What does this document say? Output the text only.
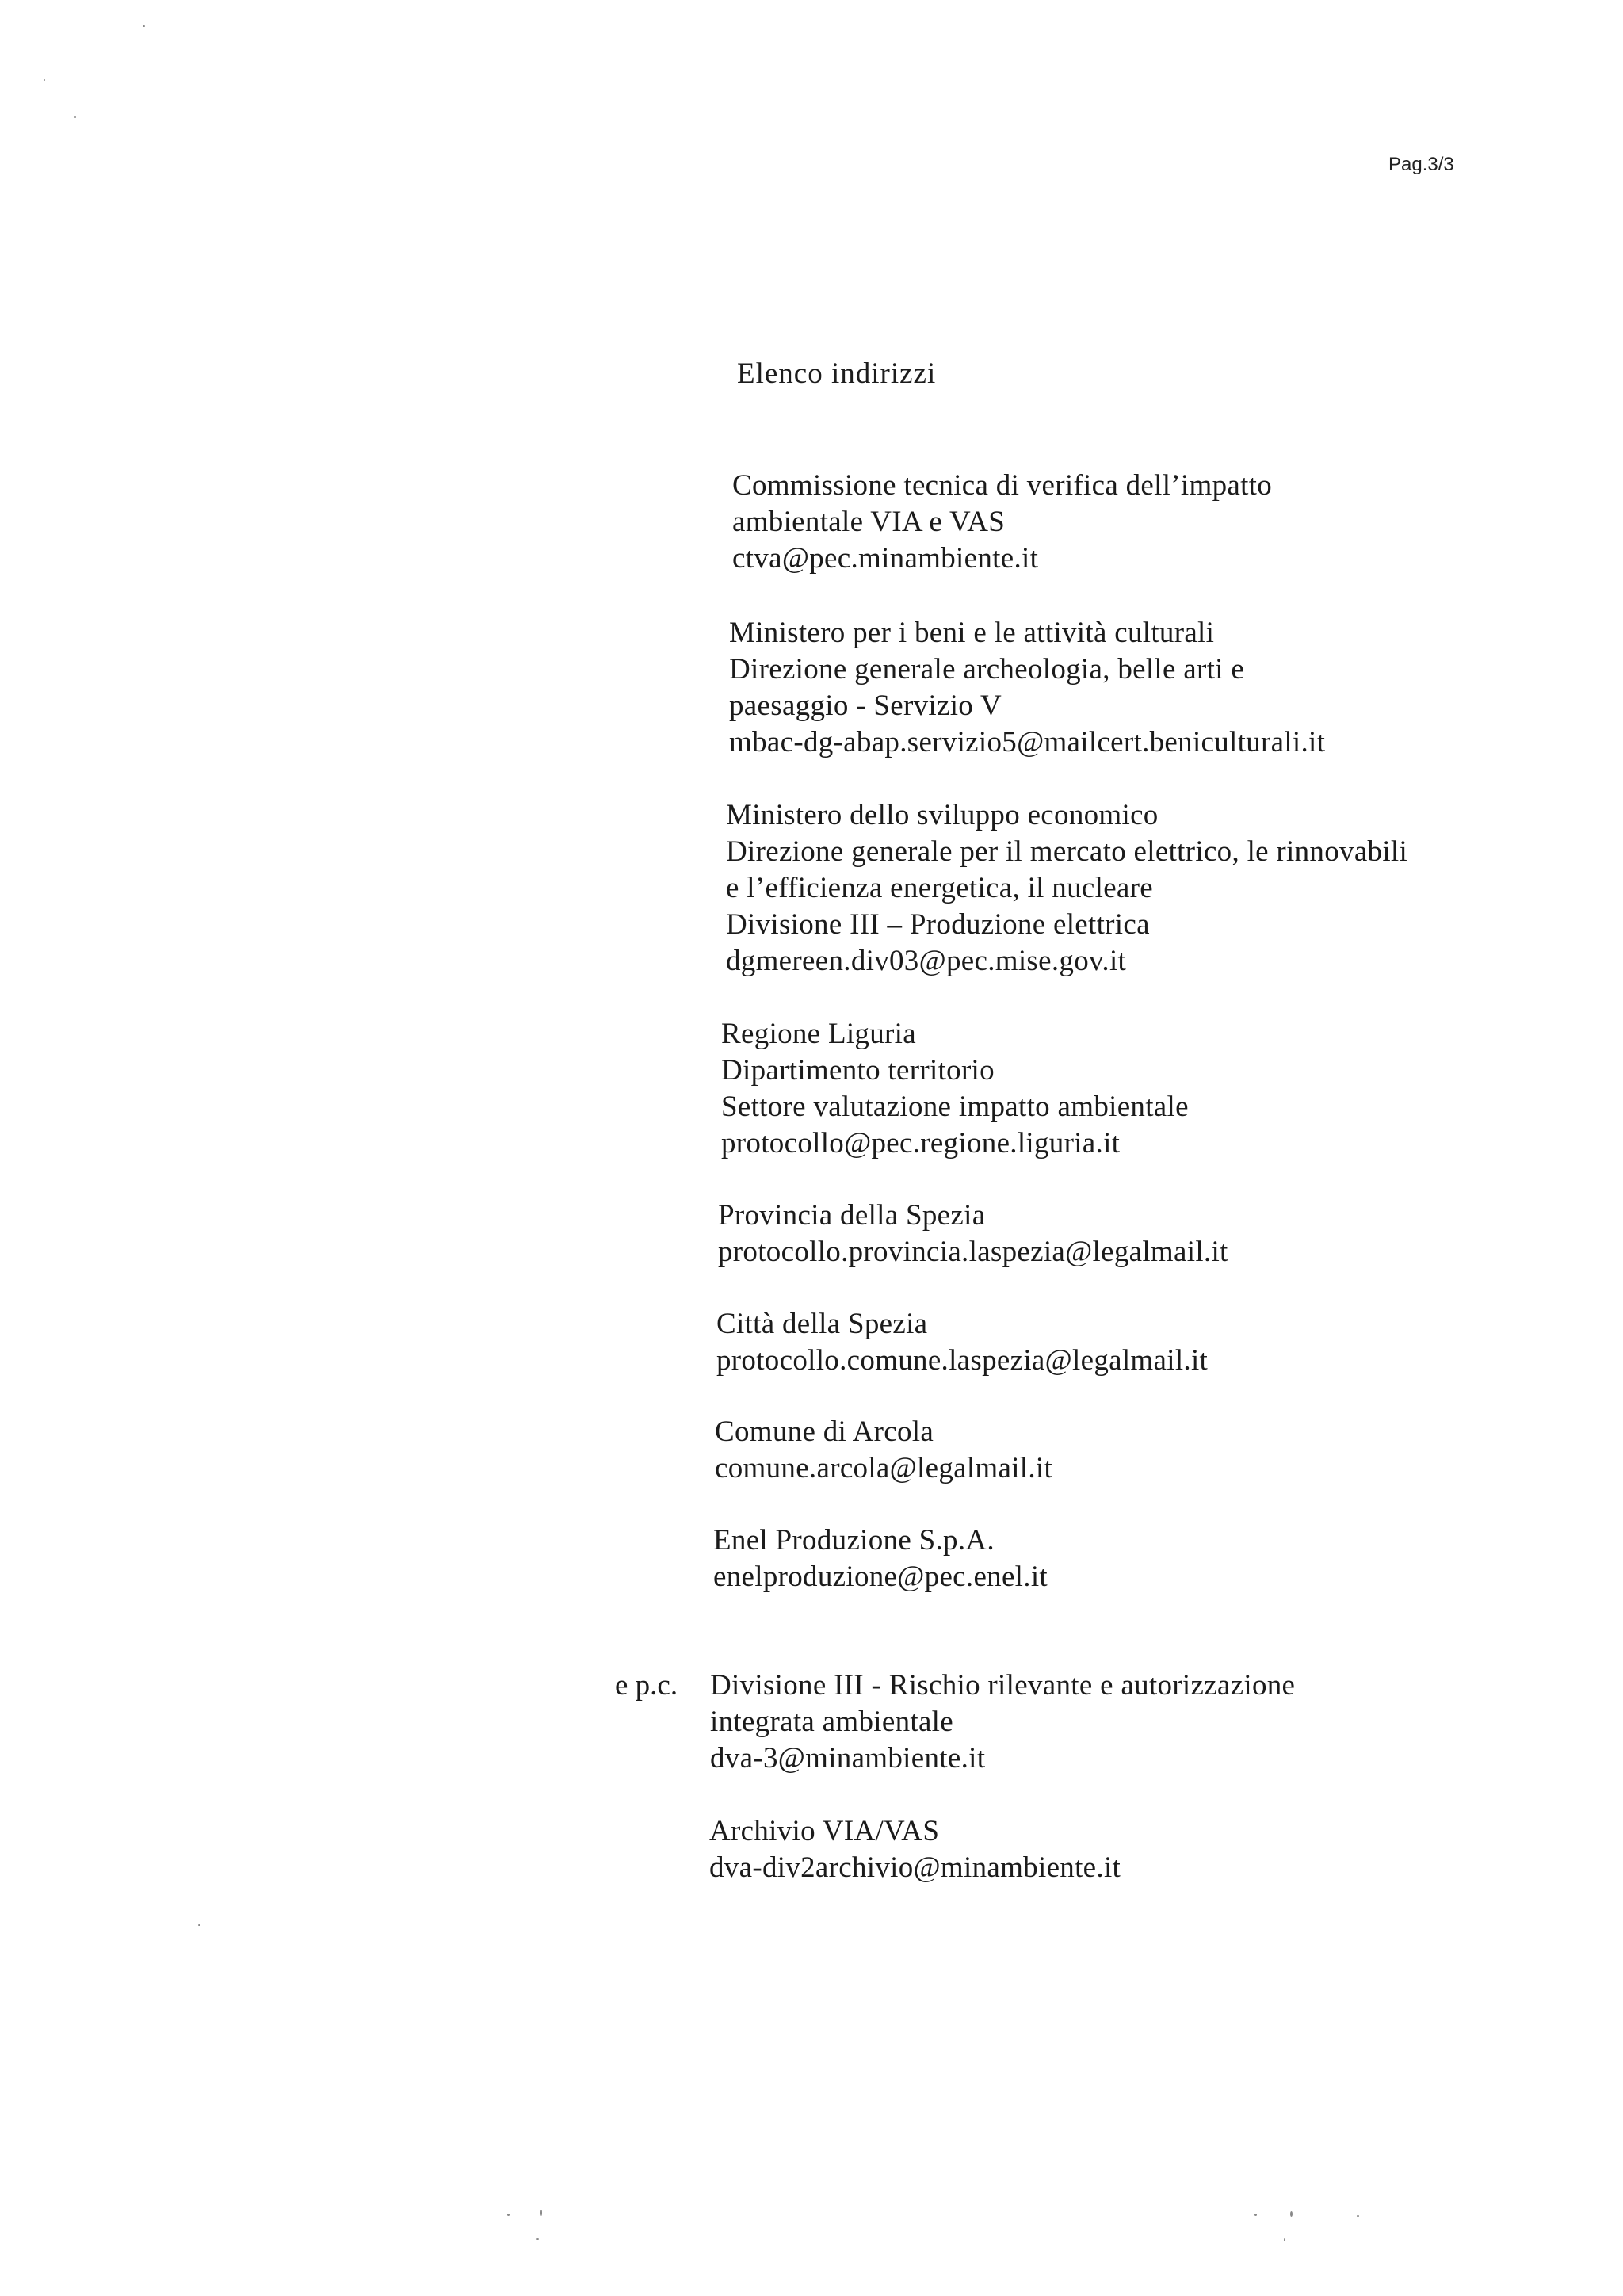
Pag.3/3
Elenco indirizzi
Commissione tecnica di verifica dell’impatto
ambientale VIA e VAS
ctva@pec.minambiente.it
Ministero per i beni e le attività culturali
Direzione generale archeologia, belle arti e
paesaggio - Servizio V
mbac-dg-abap.servizio5@mailcert.beniculturali.it
Ministero dello sviluppo economico
Direzione generale per il mercato elettrico, le rinnovabili
e l’efficienza energetica, il nucleare
Divisione III – Produzione elettrica
dgmereen.div03@pec.mise.gov.it
Regione Liguria
Dipartimento territorio
Settore valutazione impatto ambientale
protocollo@pec.regione.liguria.it
Provincia della Spezia
protocollo.provincia.laspezia@legalmail.it
Città della Spezia
protocollo.comune.laspezia@legalmail.it
Comune di Arcola
comune.arcola@legalmail.it
Enel Produzione S.p.A.
enelproduzione@pec.enel.it
e p.c. Divisione III - Rischio rilevante e autorizzazione
integrata ambientale
dva-3@minambiente.it
Archivio VIA/VAS
dva-div2archivio@minambiente.it
